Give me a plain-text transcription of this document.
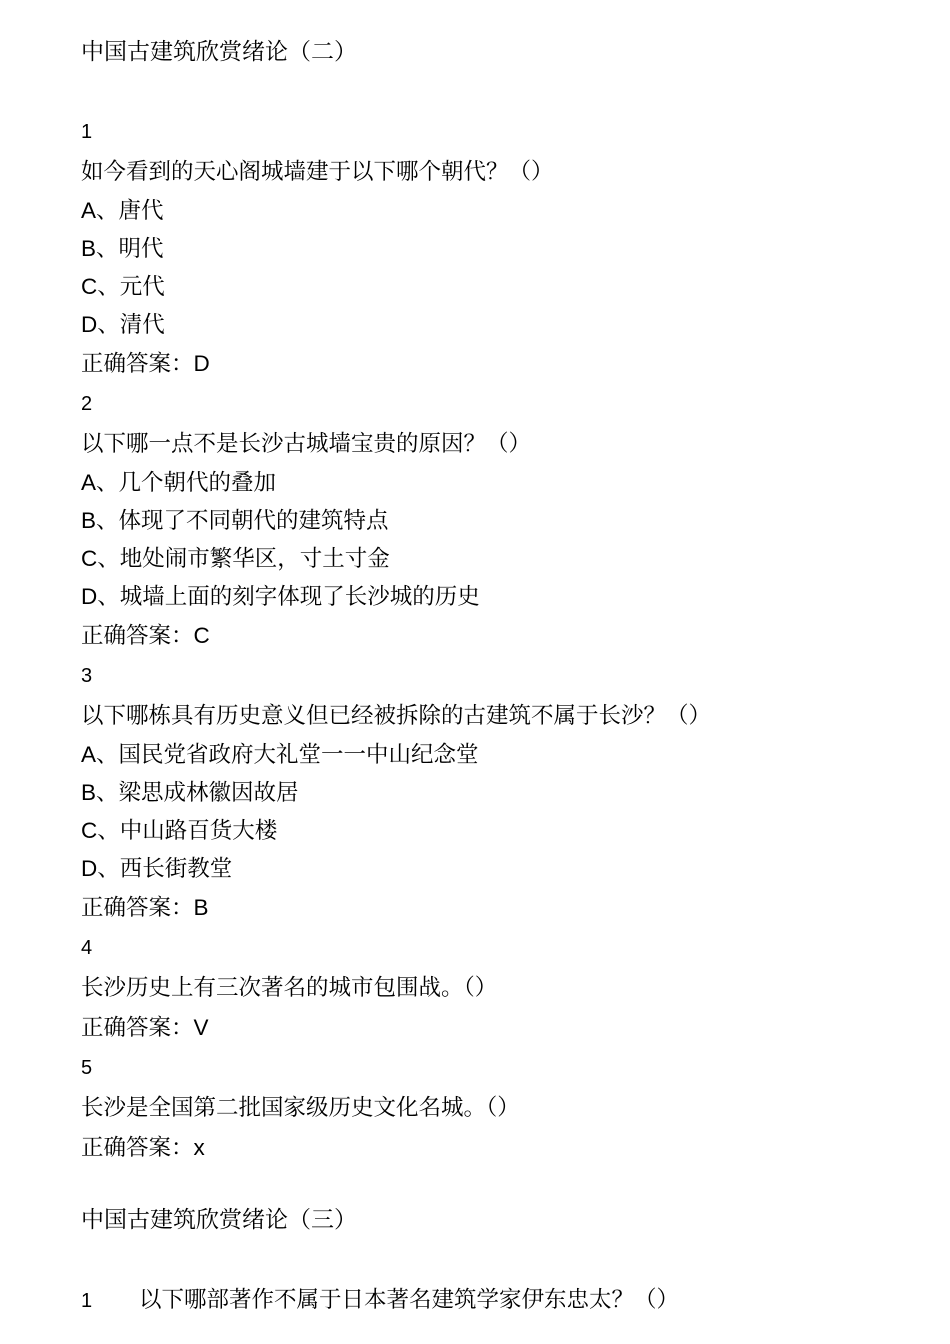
中国古建筑欣赏绪论（二）
1
如今看到的天心阁城墙建于以下哪个朝代？（）
A、唐代
B、明代
C、元代
D、清代
正确答案：D
2
以下哪一点不是长沙古城墙宝贵的原因？（）
A、几个朝代的叠加
B、体现了不同朝代的建筑特点
C、地处闹市繁华区，寸土寸金
D、城墙上面的刻字体现了长沙城的历史
正确答案：C
3
以下哪栋具有历史意义但已经被拆除的古建筑不属于长沙？（）
A、国民党省政府大礼堂一一中山纪念堂
B、梁思成林徽因故居
C、中山路百货大楼
D、西长街教堂
正确答案：B
4
长沙历史上有三次著名的城市包围战。（）
正确答案：V
5
长沙是全国第二批国家级历史文化名城。（）
正确答案：x
中国古建筑欣赏绪论（三）
1 以下哪部著作不属于日本著名建筑学家伊东忠太？（）
